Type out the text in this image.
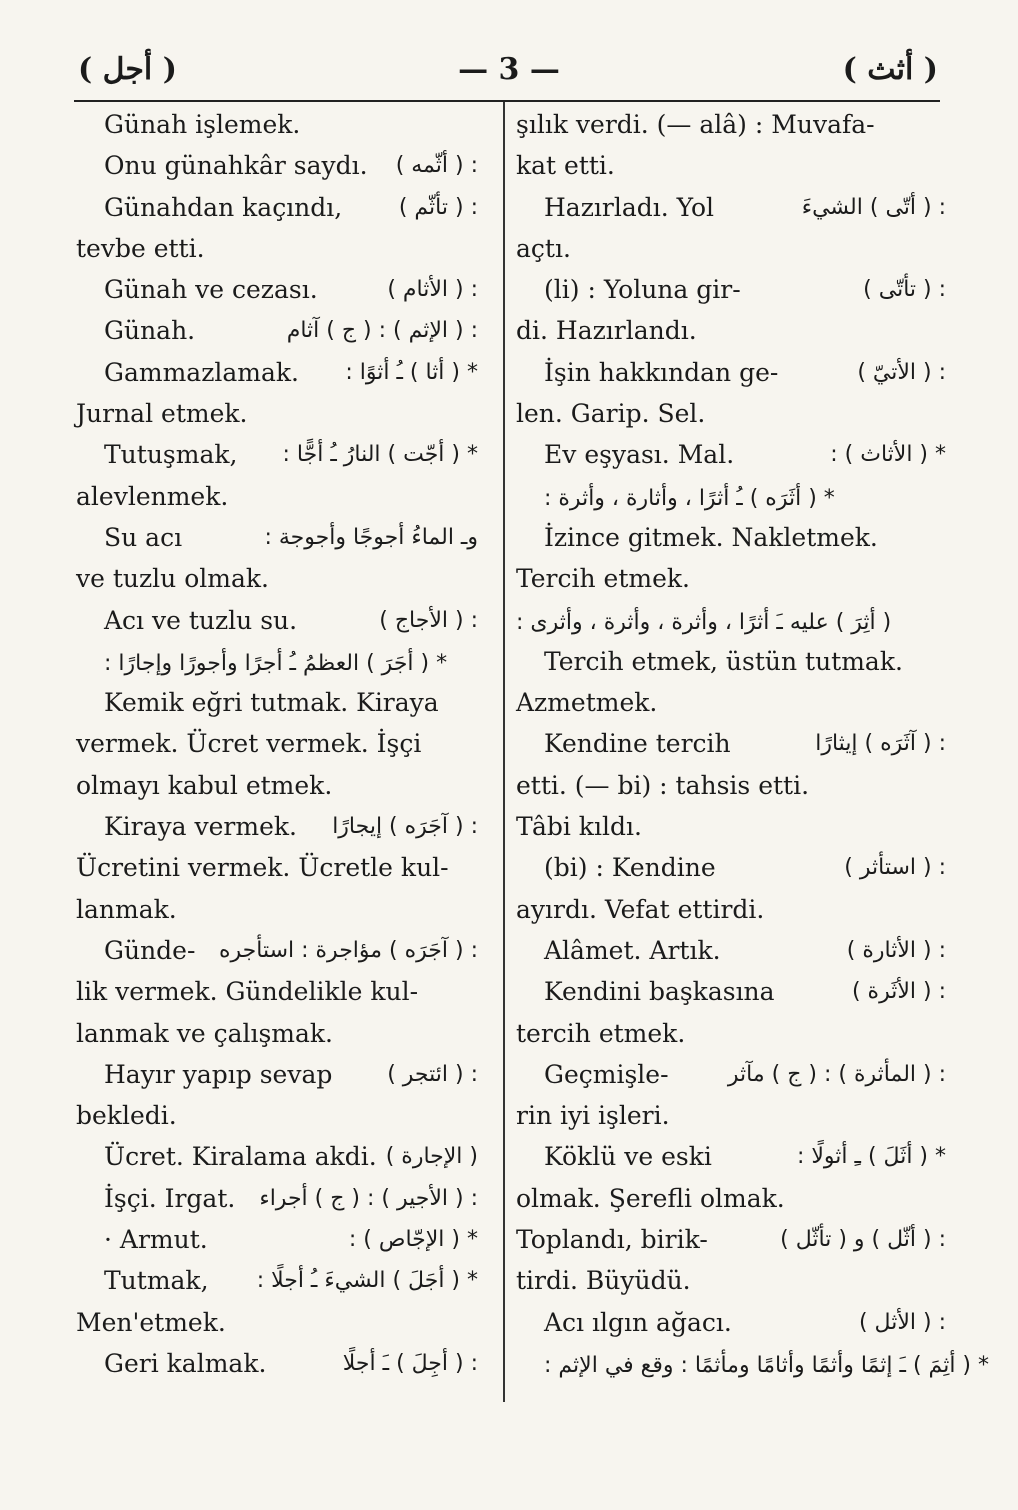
( أجل )	— 3 —	( أثث )
Günah işlemek.
Onu günahkâr saydı. : ( أثّمه )
Günahdan kaçındı,	: ( تأثّم )
tevbe etti.
Günah ve cezası.	: ( الأثام )
Günah.	: ( الإثم ) : ( ج ) آثام
Gammazlamak. * ( أثا ) ـُ أثوًا :
Jurnal etmek.
Tutuşmak, * ( أجّت ) النارُ ـُ أجًّا :
alevlenmek.
Su acı	وـ الماءُ أجوجًا وأجوجة :
ve tuzlu olmak.
Acı ve tuzlu su.	: ( الأجاج )
* ( أجَرَ ) العظمُ ـُ أجرًا وأجورًا وإجارًا :
Kemik eğri tutmak. Kiraya
vermek. Ücret vermek. İşçi
olmayı kabul etmek.
Kiraya vermek. : ( آجَرَه ) إيجارًا
Ücretini vermek. Ücretle kul-
lanmak.
Günde- : ( آجَرَه ) مؤاجرة : استأجره
lik vermek. Gündelikle kul-
lanmak ve çalışmak.
Hayır yapıp sevap : ( ائتجر )
bekledi.
Ücret. Kiralama akdi. ( الإجارة )
İşçi. Irgat. : ( الأجير ) : ( ج ) أجراء
· Armut.	* ( الإجّاص ) :
Tutmak, * ( أجَلَ ) الشيءَ ـُ أجلًا :
Men'etmek.
Geri kalmak.	: ( أجِلَ ) ـَ أجلًا
şılık verdi. (— alâ) : Muvafa-
kat etti.
Hazırladı. Yol	: ( أتّى ) الشيءَ
açtı.
(li) : Yoluna gir-	: ( تأتّى )
di. Hazırlandı.
İşin hakkından ge-	: ( الأتيّ )
len. Garip. Sel.
Ev eşyası. Mal.	* ( الأثاث ) :
* ( أثَرَه ) ـُ أثرًا ، وأثارة ، وأثرة :
İzince gitmek. Nakletmek.
Tercih etmek.
( أثِرَ ) عليه ـَ أثرًا ، وأثرة ، وأثرة ، وأثرى :
Tercih etmek, üstün tutmak.
Azmetmek.
Kendine tercih	: ( آثَرَه ) إيثارًا
etti. (— bi) : tahsis etti.
Tâbi kıldı.
(bi) : Kendine	: ( استأثر )
ayırdı. Vefat ettirdi.
Alâmet. Artık.	: ( الأثارة )
Kendini başkasına	: ( الأثَرة )
tercih etmek.
Geçmişle-	: ( المأثرة ) : ( ج ) مآثر
rin iyi işleri.
Köklü ve eski	* ( أثَلَ ) ـِ أثولًا :
olmak. Şerefli olmak.
Toplandı, birik-	: ( أثّل ) و ( تأثّل )
tirdi. Büyüdü.
Acı ılgın ağacı.	: ( الأثل )
* ( أثِمَ ) ـَ إثمًا وأثمًا وأثامًا ومأثمًا : وقع في الإثم :
